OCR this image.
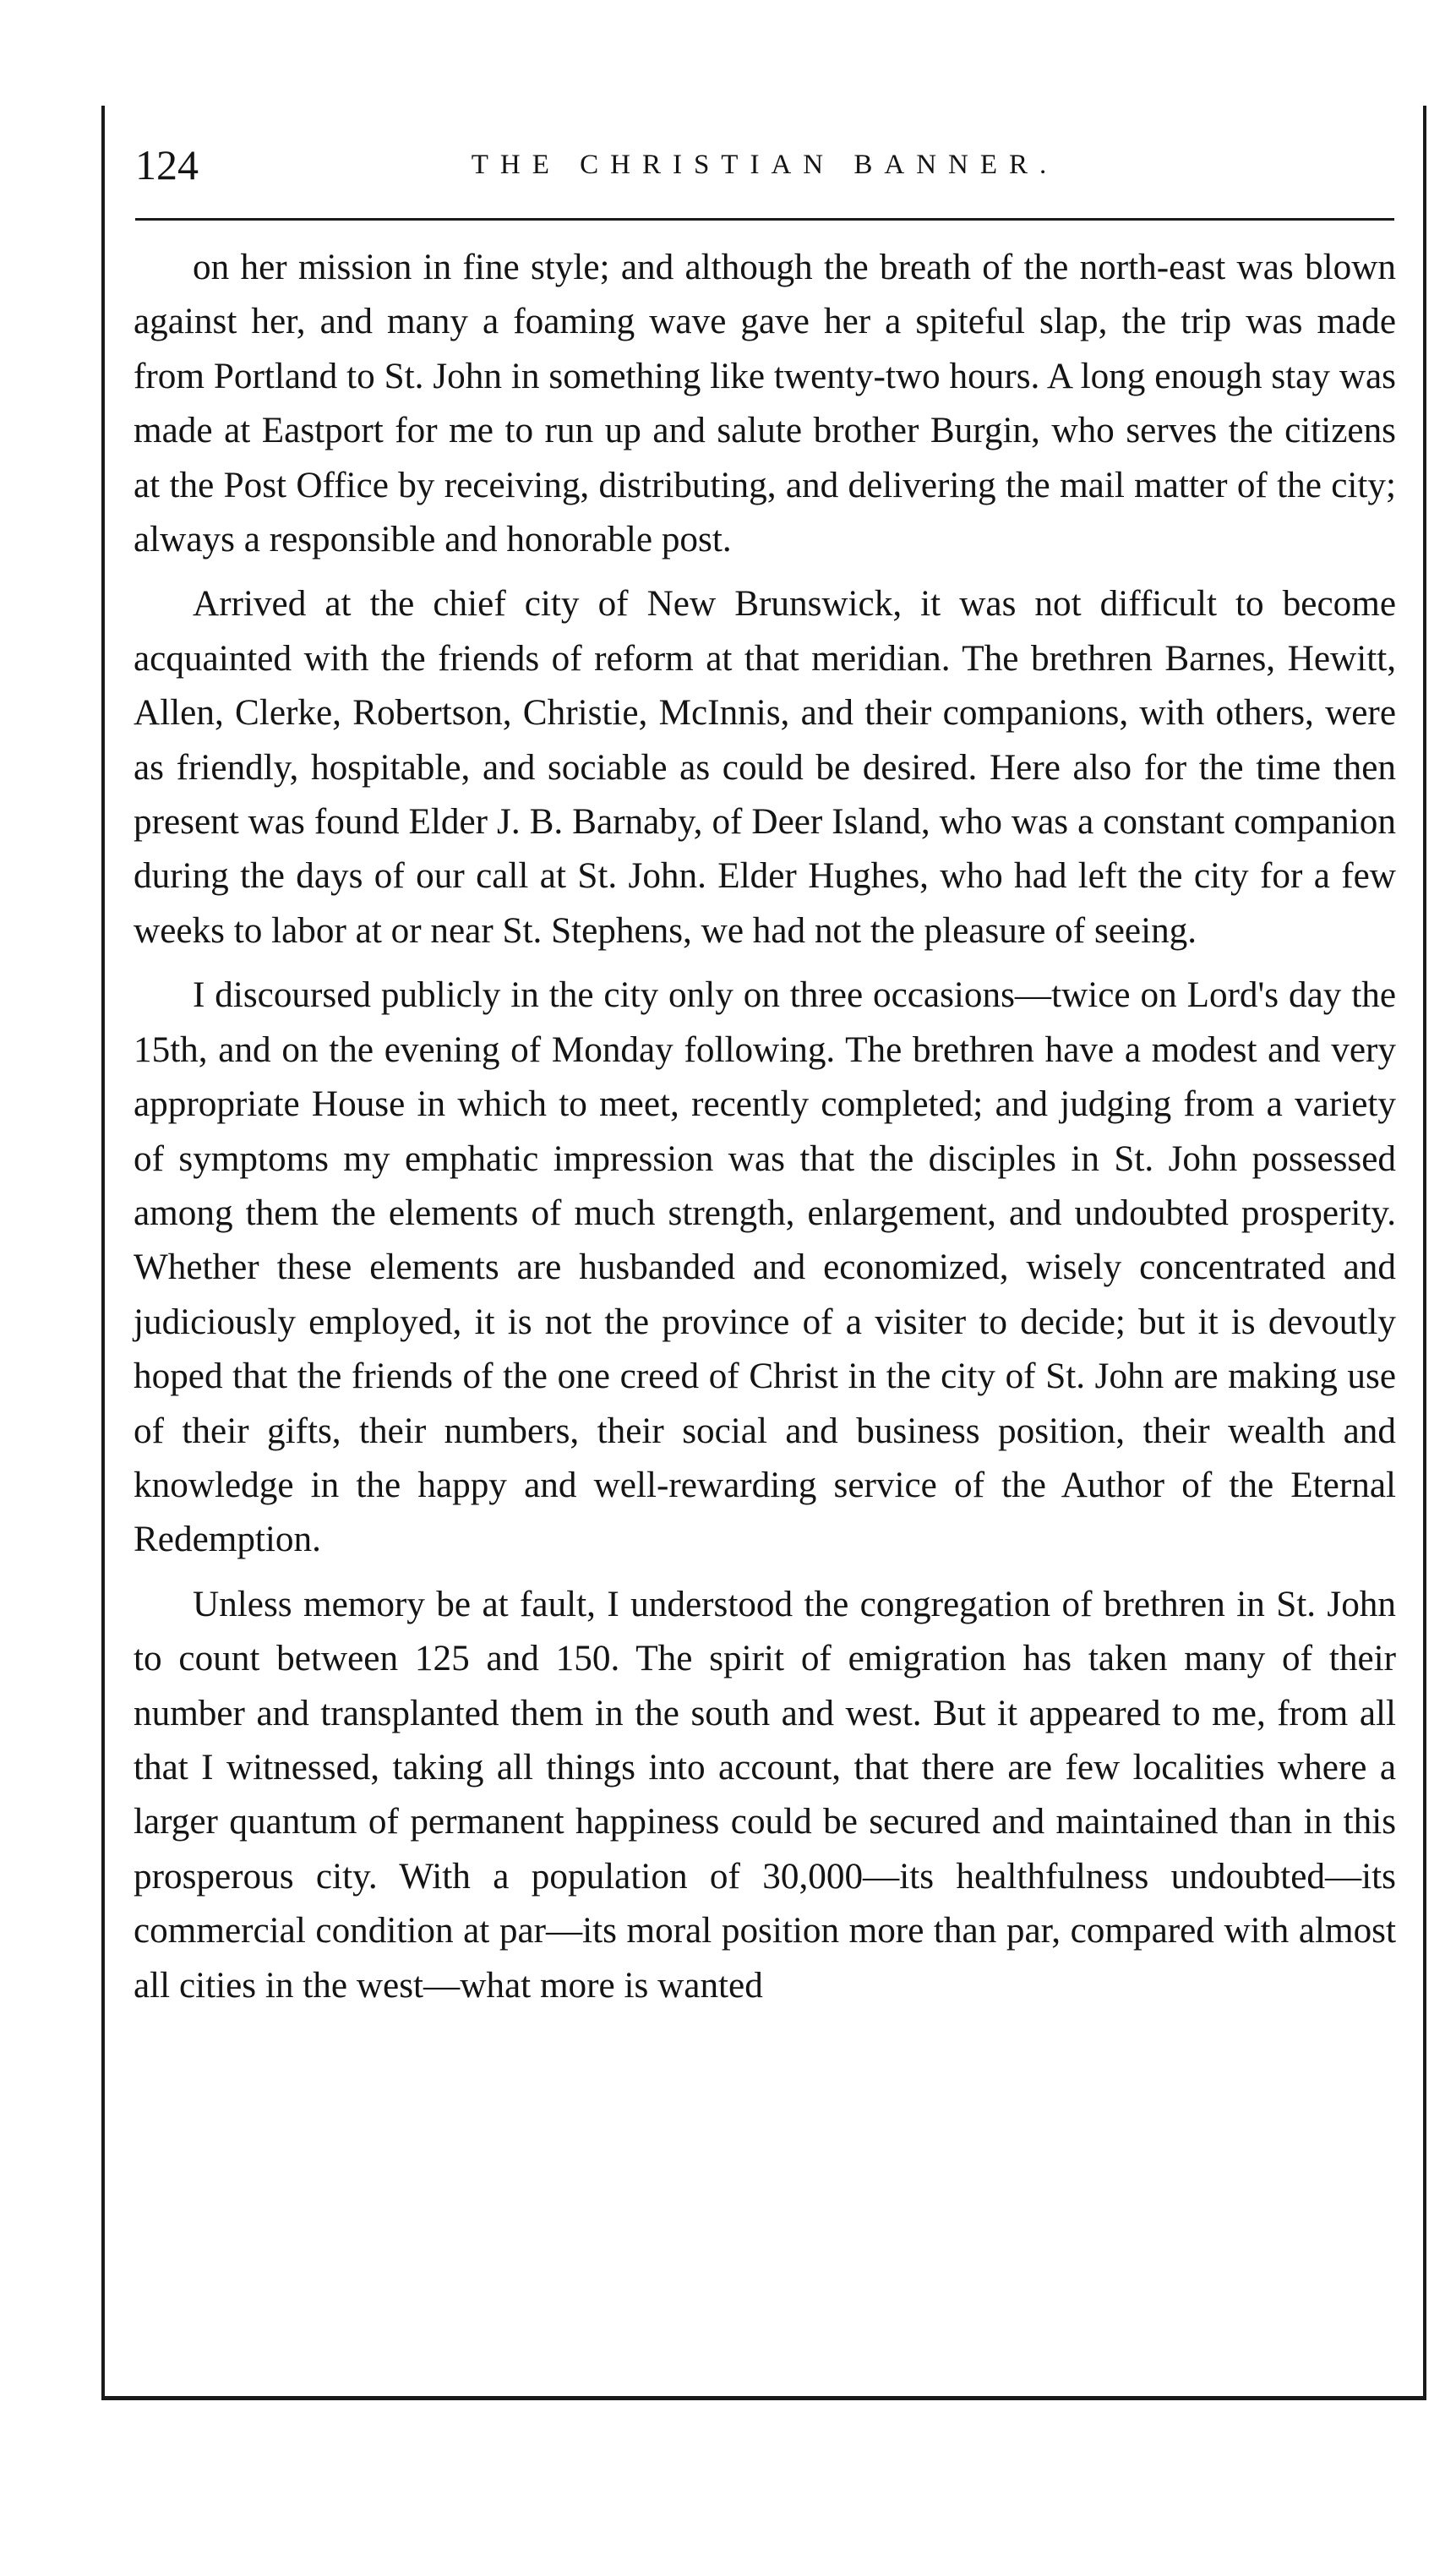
124	THE CHRISTIAN BANNER.

on her mission in fine style; and although the breath of the north-east was blown against her, and many a foaming wave gave her a spiteful slap, the trip was made from Portland to St. John in something like twenty-two hours. A long enough stay was made at Eastport for me to run up and salute brother Burgin, who serves the citizens at the Post Office by receiving, distributing, and delivering the mail matter of the city; always a responsible and honorable post.

Arrived at the chief city of New Brunswick, it was not difficult to become acquainted with the friends of reform at that meridian. The brethren Barnes, Hewitt, Allen, Clerke, Robertson, Christie, McInnis, and their companions, with others, were as friendly, hospitable, and sociable as could be desired. Here also for the time then present was found Elder J. B. Barnaby, of Deer Island, who was a constant companion during the days of our call at St. John. Elder Hughes, who had left the city for a few weeks to labor at or near St. Stephens, we had not the pleasure of seeing.

I discoursed publicly in the city only on three occasions—twice on Lord's day the 15th, and on the evening of Monday following. The brethren have a modest and very appropriate House in which to meet, recently completed; and judging from a variety of symptoms my emphatic impression was that the disciples in St. John possessed among them the elements of much strength, enlargement, and undoubted prosperity. Whether these elements are husbanded and economized, wisely concentrated and judiciously employed, it is not the province of a visiter to decide; but it is devoutly hoped that the friends of the one creed of Christ in the city of St. John are making use of their gifts, their numbers, their social and business position, their wealth and knowledge in the happy and well-rewarding service of the Author of the Eternal Redemption.

Unless memory be at fault, I understood the congregation of brethren in St. John to count between 125 and 150. The spirit of emigration has taken many of their number and transplanted them in the south and west. But it appeared to me, from all that I witnessed, taking all things into account, that there are few localities where a larger quantum of permanent happiness could be secured and maintained than in this prosperous city. With a population of 30,000—its healthfulness undoubted—its commercial condition at par—its moral position more than par, compared with almost all cities in the west—what more is wanted
